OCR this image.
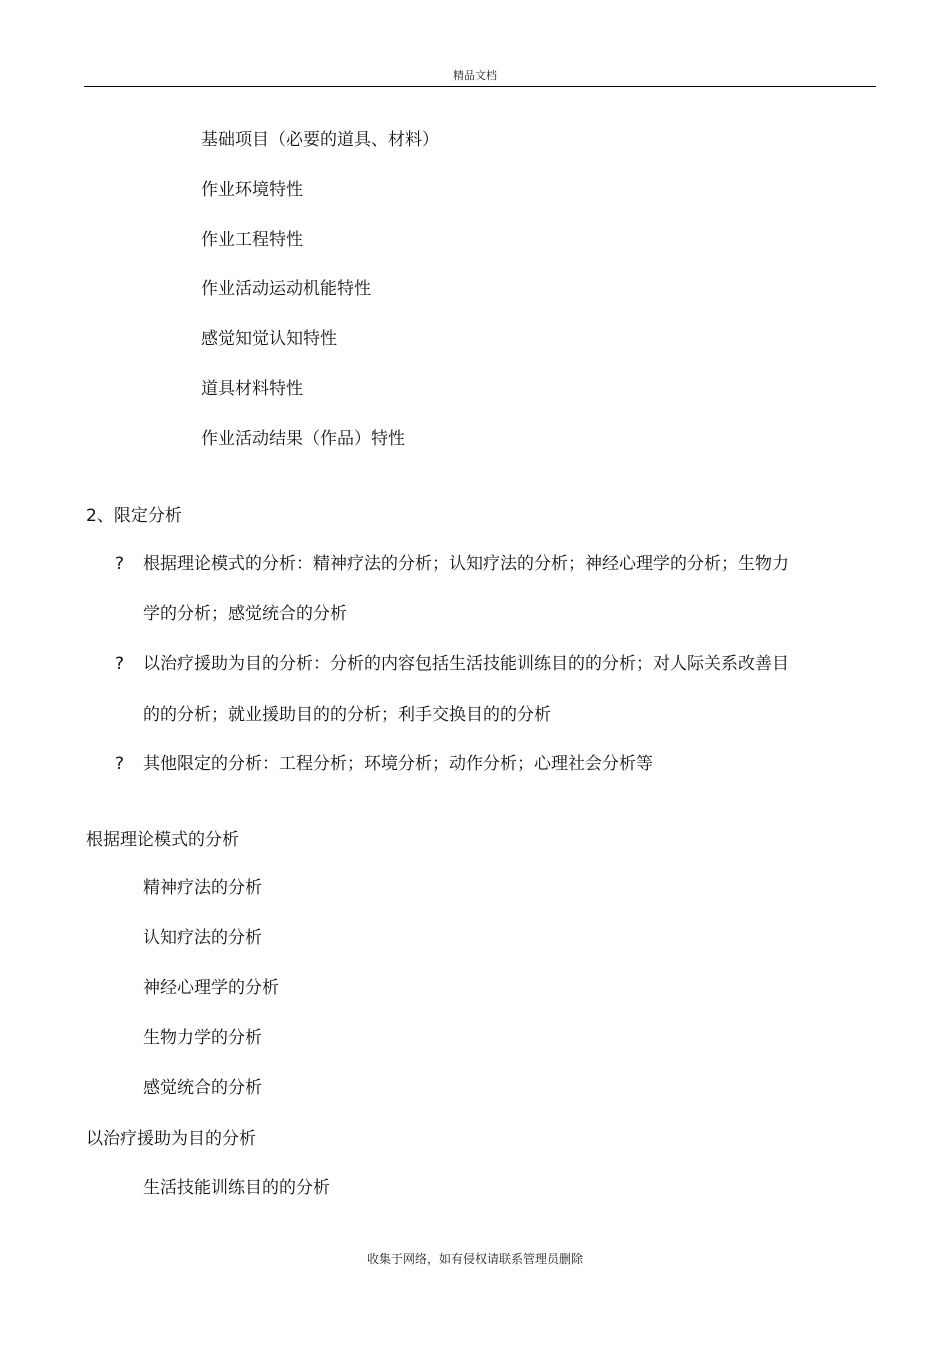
精品文档
基础项目（必要的道具、材料）
作业环境特性
作业工程特性
作业活动运动机能特性
感觉知觉认知特性
道具材料特性
作业活动结果（作品）特性
2、限定分析
? 根据理论模式的分析：精神疗法的分析；认知疗法的分析；神经心理学的分析；生物力
学的分析；感觉统合的分析
? 以治疗援助为目的分析：分析的内容包括生活技能训练目的的分析；对人际关系改善目
的的分析；就业援助目的的分析；利手交换目的的分析
? 其他限定的分析：工程分析；环境分析；动作分析；心理社会分析等
根据理论模式的分析
精神疗法的分析
认知疗法的分析
神经心理学的分析
生物力学的分析
感觉统合的分析
以治疗援助为目的分析
生活技能训练目的的分析
收集于网络，如有侵权请联系管理员删除
